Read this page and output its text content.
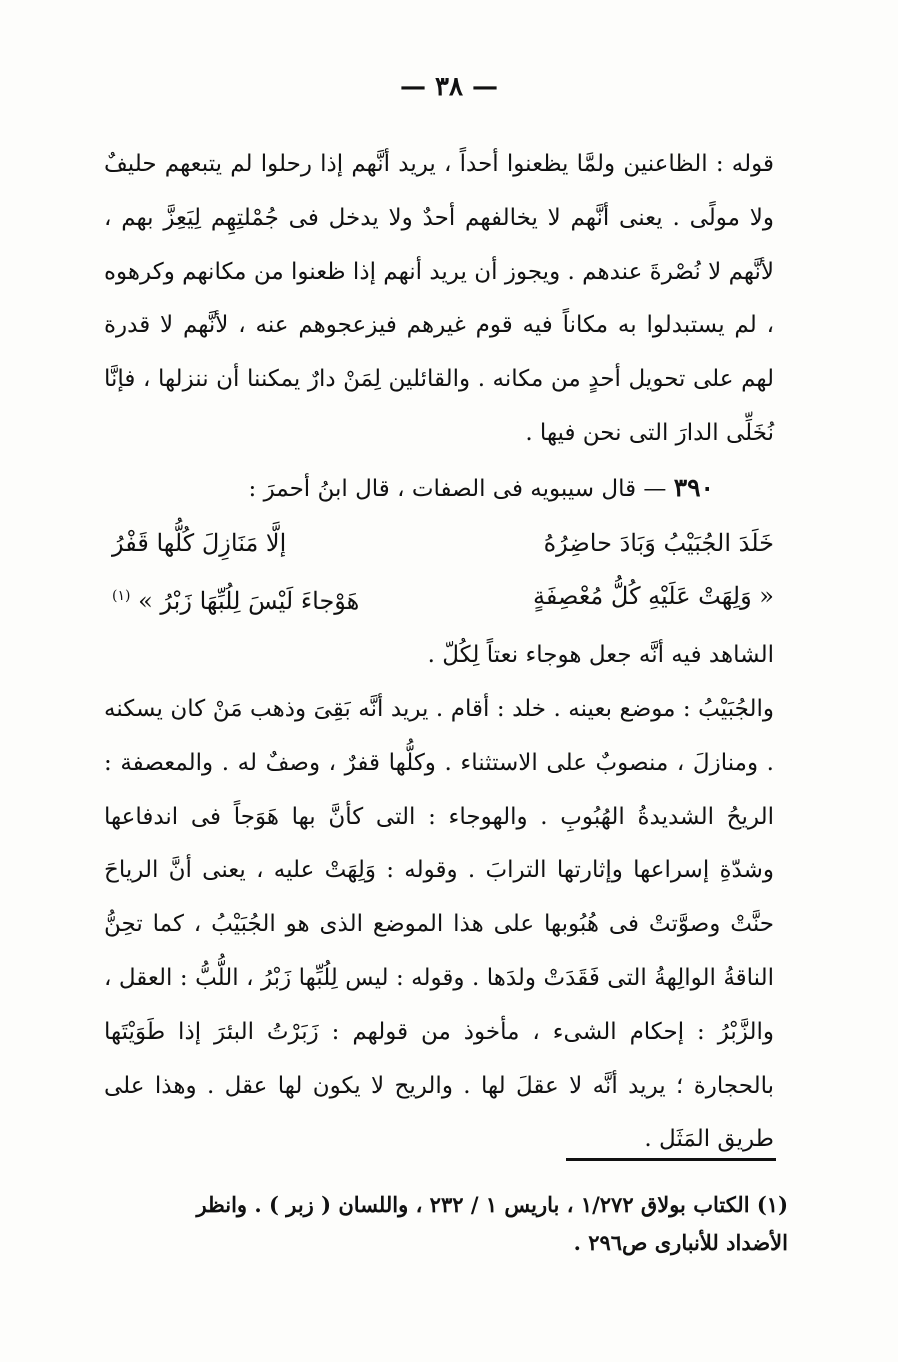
— ٣٨ —

قوله : الظاعنين ولمَّا يظعنوا أحداً ، يريد أنَّهم إذا رحلوا لم يتبعهم حليفٌ ولا مولًى . يعنى أنَّهم لا يخالفهم أحدٌ ولا يدخل فى جُمْلتِهِم لِيَعِزَّ بهم ، لأنَّهم لا نُصْرةَ عندهم . ويجوز أن يريد أنهم إذا ظعنوا من مكانهم وكرهوه ، لم يستبدلوا به مكاناً فيه قوم غيرهم فيزعجوهم عنه ، لأنَّهم لا قدرة لهم على تحويل أحدٍ من مكانه . والقائلين لِمَنْ دارٌ يمكننا أن ننزلها ، فإنَّا نُخَلِّى الدارَ التى نحن فيها .

٣٩٠ — قال سيبويه فى الصفات ، قال ابنُ أحمرَ :

خَلَدَ الجُبَيْبُ وَبَادَ حاضِرُهُ
إلَّا مَنَازِلَ كُلُّها قَفْرُ
« وَلِهَتْ عَلَيْهِ كُلُّ مُعْصِفَةٍ
هَوْجاءَ لَيْسَ لِلُبِّهَا زَبْرُ » $^{(١)}$

الشاهد فيه أنَّه جعل هوجاء نعتاً لِكُلّ .

والجُبَيْبُ : موضع بعينه . خلد : أقام . يريد أنَّه بَقِىَ وذهب مَنْ كان يسكنه . ومنازلَ ، منصوبٌ على الاستثناء . وكلُّها قفرٌ ، وصفٌ له . والمعصفة : الريحُ الشديدةُ الهُبُوبِ . والهوجاء : التى كأنَّ بها هَوَجاً فى اندفاعها وشدّةِ إسراعها وإثارتها الترابَ . وقوله : وَلِهَتْ عليه ، يعنى أنَّ الرياحَ حنَّتْ وصوَّتتْ فى هُبُوبها على هذا الموضع الذى هو الجُبَيْبُ ، كما تحِنُّ الناقةُ الوالِهةُ التى فَقَدَتْ ولدَها . وقوله : ليس لِلُبِّها زَبْرُ ، اللُّبُّ : العقل ، والزَّبْرُ : إحكام الشىء ، مأخوذ من قولهم : زَبَرْتُ البئرَ إذا طَوَيْتَها بالحجارة ؛ يريد أنَّه لا عقلَ لها . والريح لا يكون لها عقل . وهذا على طريق المَثَل .

(١) الكتاب بولاق ١/٢٧٢ ، باريس ١ / ٢٣٢ ، واللسان ( زبر ) . وانظر

الأضداد للأنبارى ص٢٩٦ .
